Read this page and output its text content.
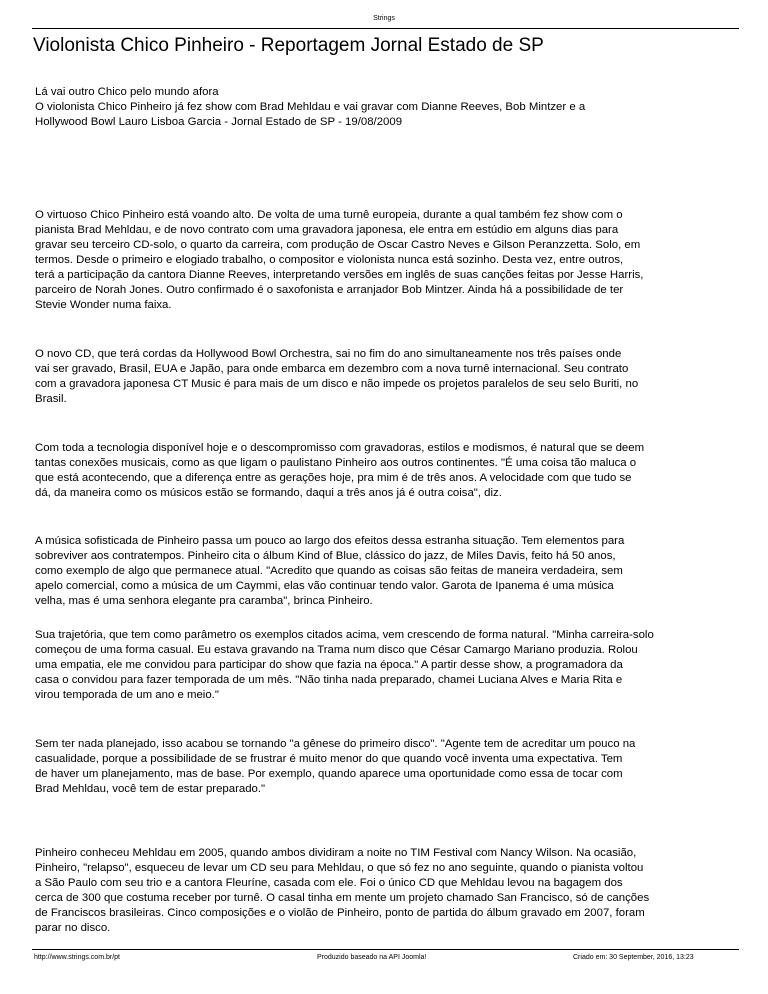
Strings
Violonista Chico Pinheiro - Reportagem Jornal Estado de SP

Lá vai outro Chico pelo mundo afora

O violonista Chico Pinheiro já fez show com Brad Mehldau e vai gravar com Dianne Reeves, Bob Mintzer e a

Hollywood Bowl Lauro Lisboa Garcia - Jornal Estado de SP - 19/08/2009

O virtuoso Chico Pinheiro está voando alto. De volta de uma turnê europeia, durante a qual também fez show com o

pianista Brad Mehldau, e de novo contrato com uma gravadora japonesa, ele entra em estúdio em alguns dias para

gravar seu terceiro CD-solo, o quarto da carreira, com produção de Oscar Castro Neves e Gilson Peranzzetta. Solo, em

termos. Desde o primeiro e elogiado trabalho, o compositor e violonista nunca está sozinho. Desta vez, entre outros,

terá a participação da cantora Dianne Reeves, interpretando versões em inglês de suas canções feitas por Jesse Harris,

parceiro de Norah Jones. Outro confirmado é o saxofonista e arranjador Bob Mintzer. Ainda há a possibilidade de ter

Stevie Wonder numa faixa.

O novo CD, que terá cordas da Hollywood Bowl Orchestra, sai no fim do ano simultaneamente nos três países onde

vai ser gravado, Brasil, EUA e Japão, para onde embarca em dezembro com a nova turnê internacional. Seu contrato

com a gravadora japonesa CT Music é para mais de um disco e não impede os projetos paralelos de seu selo Buriti, no

Brasil.

Com toda a tecnologia disponível hoje e o descompromisso com gravadoras, estilos e modismos, é natural que se deem

tantas conexões musicais, como as que ligam o paulistano Pinheiro aos outros continentes. "É uma coisa tão maluca o

que está acontecendo, que a diferença entre as gerações hoje, pra mim é de três anos. A velocidade com que tudo se

dá, da maneira como os músicos estão se formando, daqui a três anos já é outra coisa", diz.

A música sofisticada de Pinheiro passa um pouco ao largo dos efeitos dessa estranha situação. Tem elementos para

sobreviver aos contratempos. Pinheiro cita o álbum Kind of Blue, clássico do jazz, de Miles Davis, feito há 50 anos,

como exemplo de algo que permanece atual. "Acredito que quando as coisas são feitas de maneira verdadeira, sem

apelo comercial, como a música de um Caymmi, elas vão continuar tendo valor. Garota de Ipanema é uma música

velha, mas é uma senhora elegante pra caramba", brinca Pinheiro.

Sua trajetória, que tem como parâmetro os exemplos citados acima, vem crescendo de forma natural. "Minha carreira-solo

começou de uma forma casual. Eu estava gravando na Trama num disco que César Camargo Mariano produzia. Rolou

uma empatia, ele me convidou para participar do show que fazia na época." A partir desse show, a programadora da

casa o convidou para fazer temporada de um mês. "Não tinha nada preparado, chamei Luciana Alves e Maria Rita e

virou temporada de um ano e meio."

Sem ter nada planejado, isso acabou se tornando "a gênese do primeiro disco". "Agente tem de acreditar um pouco na

casualidade, porque a possibilidade de se frustrar é muito menor do que quando você inventa uma expectativa. Tem

de haver um planejamento, mas de base. Por exemplo, quando aparece uma oportunidade como essa de tocar com

Brad Mehldau, você tem de estar preparado."

Pinheiro conheceu Mehldau em 2005, quando ambos dividiram a noite no TIM Festival com Nancy Wilson. Na ocasião,

Pinheiro, "relapso", esqueceu de levar um CD seu para Mehldau, o que só fez no ano seguinte, quando o pianista voltou

a São Paulo com seu trio e a cantora Fleuríne, casada com ele. Foi o único CD que Mehldau levou na bagagem dos

cerca de 300 que costuma receber por turnê. O casal tinha em mente um projeto chamado San Francisco, só de canções

de Franciscos brasileiras. Cinco composições e o violão de Pinheiro, ponto de partida do álbum gravado em 2007, foram

parar no disco.

http://www.strings.com.br/pt	Produzido baseado na API Joomla!	Criado em: 30 September, 2016, 13:23
